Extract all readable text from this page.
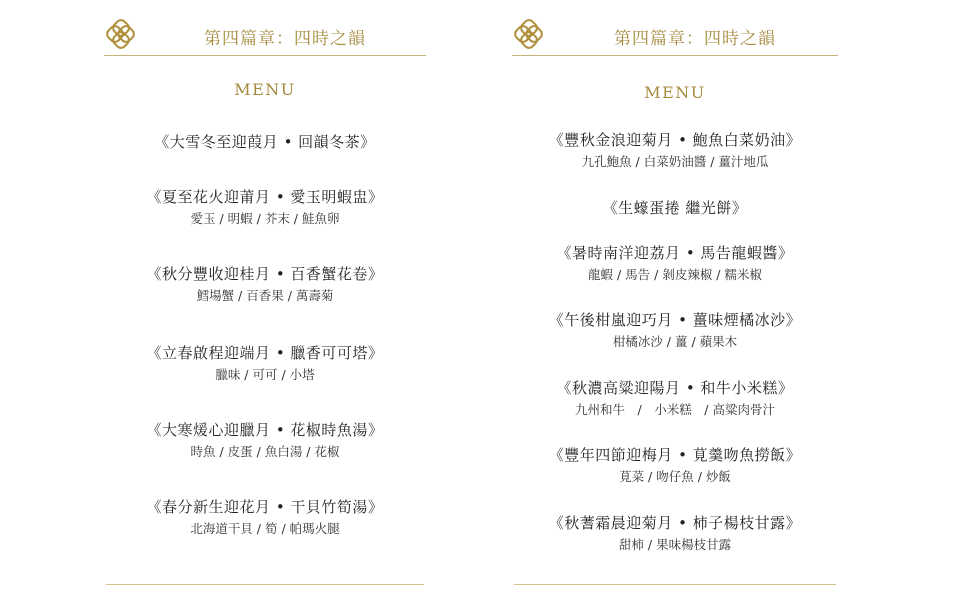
第四篇章：四時之韻
MENU
《大雪冬至迎葭月 • 回韻冬茶》
《夏至花火迎莆月 • 愛玉明蝦盅》
愛玉 / 明蝦 / 芥末 / 鮭魚卵
《秋分豐收迎桂月 • 百香蟹花卷》
鱈場蟹 / 百香果 / 萬壽菊
《立春啟程迎端月 • 臘香可可塔》
臘味 / 可可 / 小塔
《大寒煖心迎臘月 • 花椒時魚湯》
時魚 / 皮蛋 / 魚白湯 / 花椒
《春分新生迎花月 • 干貝竹筍湯》
北海道干貝 / 筍 / 帕瑪火腿
第四篇章：四時之韻
MENU
《豐秋金浪迎菊月 • 鮑魚白菜奶油》
九孔鮑魚 / 白菜奶油醬 / 薑汁地瓜
《生蠔蛋捲 繼光餅》
《暑時南洋迎荔月 • 馬告龍蝦醬》
龍蝦 / 馬告 / 剝皮辣椒 / 糯米椒
《午後柑嵐迎巧月 • 薑味煙橘冰沙》
柑橘冰沙 / 薑 / 蘋果木
《秋濃高粱迎陽月 • 和牛小米糕》
九州和牛　/　小米糕　/ 高粱肉骨汁
《豐年四節迎梅月 • 莧羹吻魚撈飯》
莧菜 / 吻仔魚 / 炒飯
《秋蓍霜晨迎菊月 • 柿子楊枝甘露》
甜柿 / 果味楊枝甘露
